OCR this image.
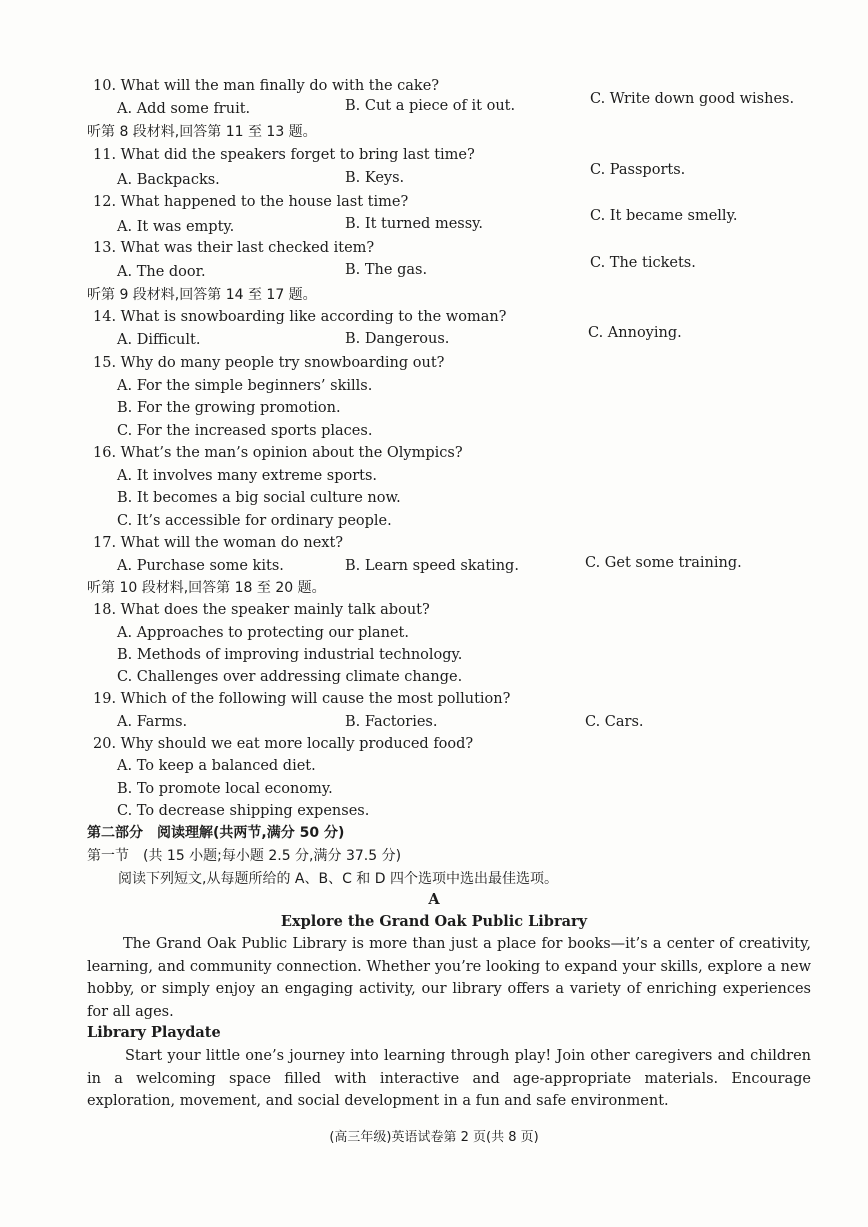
10. What will the man finally do with the cake?
A. Add some fruit.	B. Cut a piece of it out.	C. Write down good wishes.
听第 8 段材料,回答第 11 至 13 题。
11. What did the speakers forget to bring last time?
A. Backpacks.	B. Keys.	C. Passports.
12. What happened to the house last time?
A. It was empty.	B. It turned messy.	C. It became smelly.
13. What was their last checked item?
A. The door.	B. The gas.	C. The tickets.
听第 9 段材料,回答第 14 至 17 题。
14. What is snowboarding like according to the woman?
A. Difficult.	B. Dangerous.	C. Annoying.
15. Why do many people try snowboarding out?
A. For the simple beginners’ skills.
B. For the growing promotion.
C. For the increased sports places.
16. What’s the man’s opinion about the Olympics?
A. It involves many extreme sports.
B. It becomes a big social culture now.
C. It’s accessible for ordinary people.
17. What will the woman do next?
A. Purchase some kits.	B. Learn speed skating.	C. Get some training.
听第 10 段材料,回答第 18 至 20 题。
18. What does the speaker mainly talk about?
A. Approaches to protecting our planet.
B. Methods of improving industrial technology.
C. Challenges over addressing climate change.
19. Which of the following will cause the most pollution?
A. Farms.	B. Factories.	C. Cars.
20. Why should we eat more locally produced food?
A. To keep a balanced diet.
B. To promote local economy.
C. To decrease shipping expenses.
第二部分　阅读理解(共两节,满分 50 分)
第一节　(共 15 小题;每小题 2.5 分,满分 37.5 分)
阅读下列短文,从每题所给的 A、B、C 和 D 四个选项中选出最佳选项。
A
Explore the Grand Oak Public Library
The Grand Oak Public Library is more than just a place for books—it’s a center of creativity, learning, and community connection. Whether you’re looking to expand your skills, explore a new hobby, or simply enjoy an engaging activity, our library offers a variety of enriching experiences for all ages.
Library Playdate
Start your little one’s journey into learning through play! Join other caregivers and children in a welcoming space filled with interactive and age-appropriate materials. Encourage exploration, movement, and social development in a fun and safe environment.
(高三年级)英语试卷第 2 页(共 8 页)
